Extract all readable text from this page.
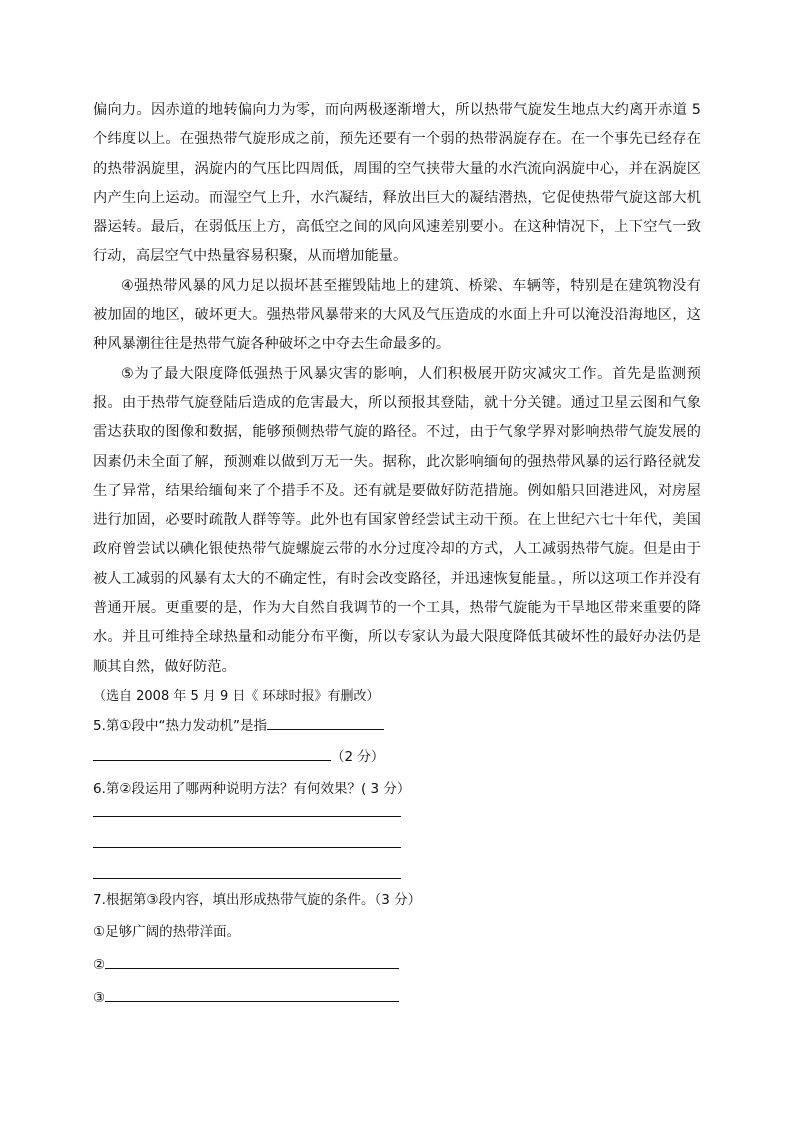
偏向力。因赤道的地转偏向力为零，而向两极逐渐增大，所以热带气旋发生地点大约离开赤道 5 个纬度以上。在强热带气旋形成之前，预先还要有一个弱的热带涡旋存在。在一个事先已经存在的热带涡旋里，涡旋内的气压比四周低，周围的空气挟带大量的水汽流向涡旋中心，并在涡旋区内产生向上运动。而湿空气上升，水汽凝结，释放出巨大的凝结潜热，它促使热带气旋这部大机器运转。最后，在弱低压上方，高低空之间的风向风速差别要小。在这种情况下，上下空气一致行动，高层空气中热量容易积聚，从而增加能量。

④强热带风暴的风力足以损坏甚至摧毁陆地上的建筑、桥梁、车辆等，特别是在建筑物没有被加固的地区，破坏更大。强热带风暴带来的大风及气压造成的水面上升可以淹没沿海地区，这种风暴潮往往是热带气旋各种破坏之中夺去生命最多的。

⑤为了最大限度降低强热于风暴灾害的影响，人们积极展开防灾减灾工作。首先是监测预报。由于热带气旋登陆后造成的危害最大，所以预报其登陆，就十分关键。通过卫星云图和气象雷达获取的图像和数据，能够预侧热带气旋的路径。不过，由于气象学界对影响热带气旋发展的因素仍未全面了解，预测难以做到万无一失。据称，此次影响缅甸的强热带风暴的运行路径就发生了异常，结果给缅甸来了个措手不及。还有就是要做好防范措施。例如船只回港进风，对房屋进行加固，必要时疏散人群等等。此外也有国家曾经尝试主动干预。在上世纪六七十年代，美国政府曾尝试以碘化银使热带气旋螺旋云带的水分过度冷却的方式，人工减弱热带气旋。但是由于被人工减弱的风暴有太大的不确定性，有时会改变路径，并迅速恢复能量。，所以这项工作并没有普通开展。更重要的是，作为大自然自我调节的一个工具，热带气旋能为干旱地区带来重要的降水。并且可维持全球热量和动能分布平衡，所以专家认为最大限度降低其破坏性的最好办法仍是顺其自然，做好防范。

（选自 2008 年 5 月 9 日《 环球时报》有删改）

5.第①段中“热力发动机”是指

（2 分）

6.第②段运用了哪两种说明方法？有何效果？( 3 分）

7.根据第③段内容，填出形成热带气旋的条件。（3 分）

①足够广阔的热带洋面。

②

③
